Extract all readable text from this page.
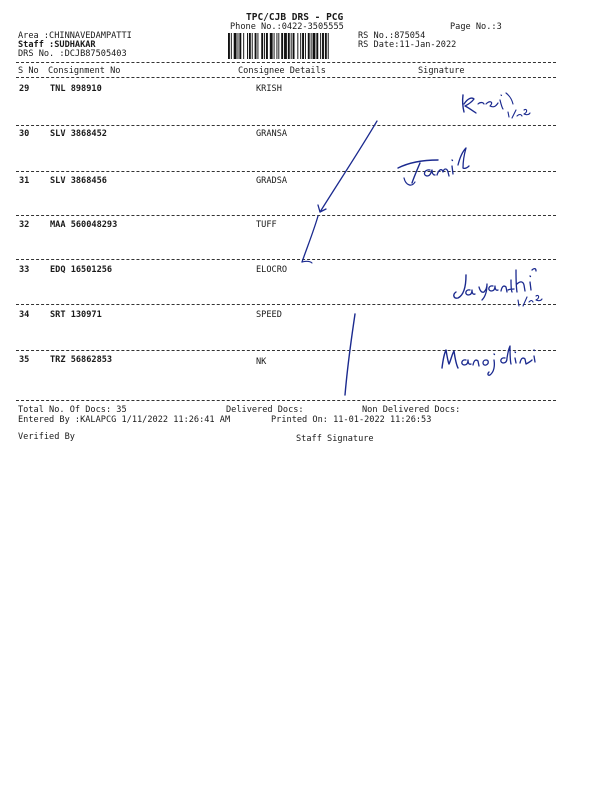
TPC/CJB DRS - PCG
Phone No.:0422-3505555	Page No.:3
Area :CHINNAVEDAMPATTI
Staff :SUDHAKAR
DRS No. :DCJB87505403
RS No.:875054
RS Date:11-Jan-2022
S No Consignment No	Consignee Details	Signature
29 TNL 898910	KRISH
30 SLV 3868452	GRANSA
31 SLV 3868456	GRADSA
32 MAA 560048293	TUFF
33 EDQ 16501256	ELOCRO
34 SRT 130971	SPEED
35 TRZ 56862853	NK
Total No. Of Docs: 35	Delivered Docs:	Non Delivered Docs:
Entered By :KALAPCG 1/11/2022 11:26:41 AM	Printed On: 11-01-2022 11:26:53
Verified By	Staff Signature
